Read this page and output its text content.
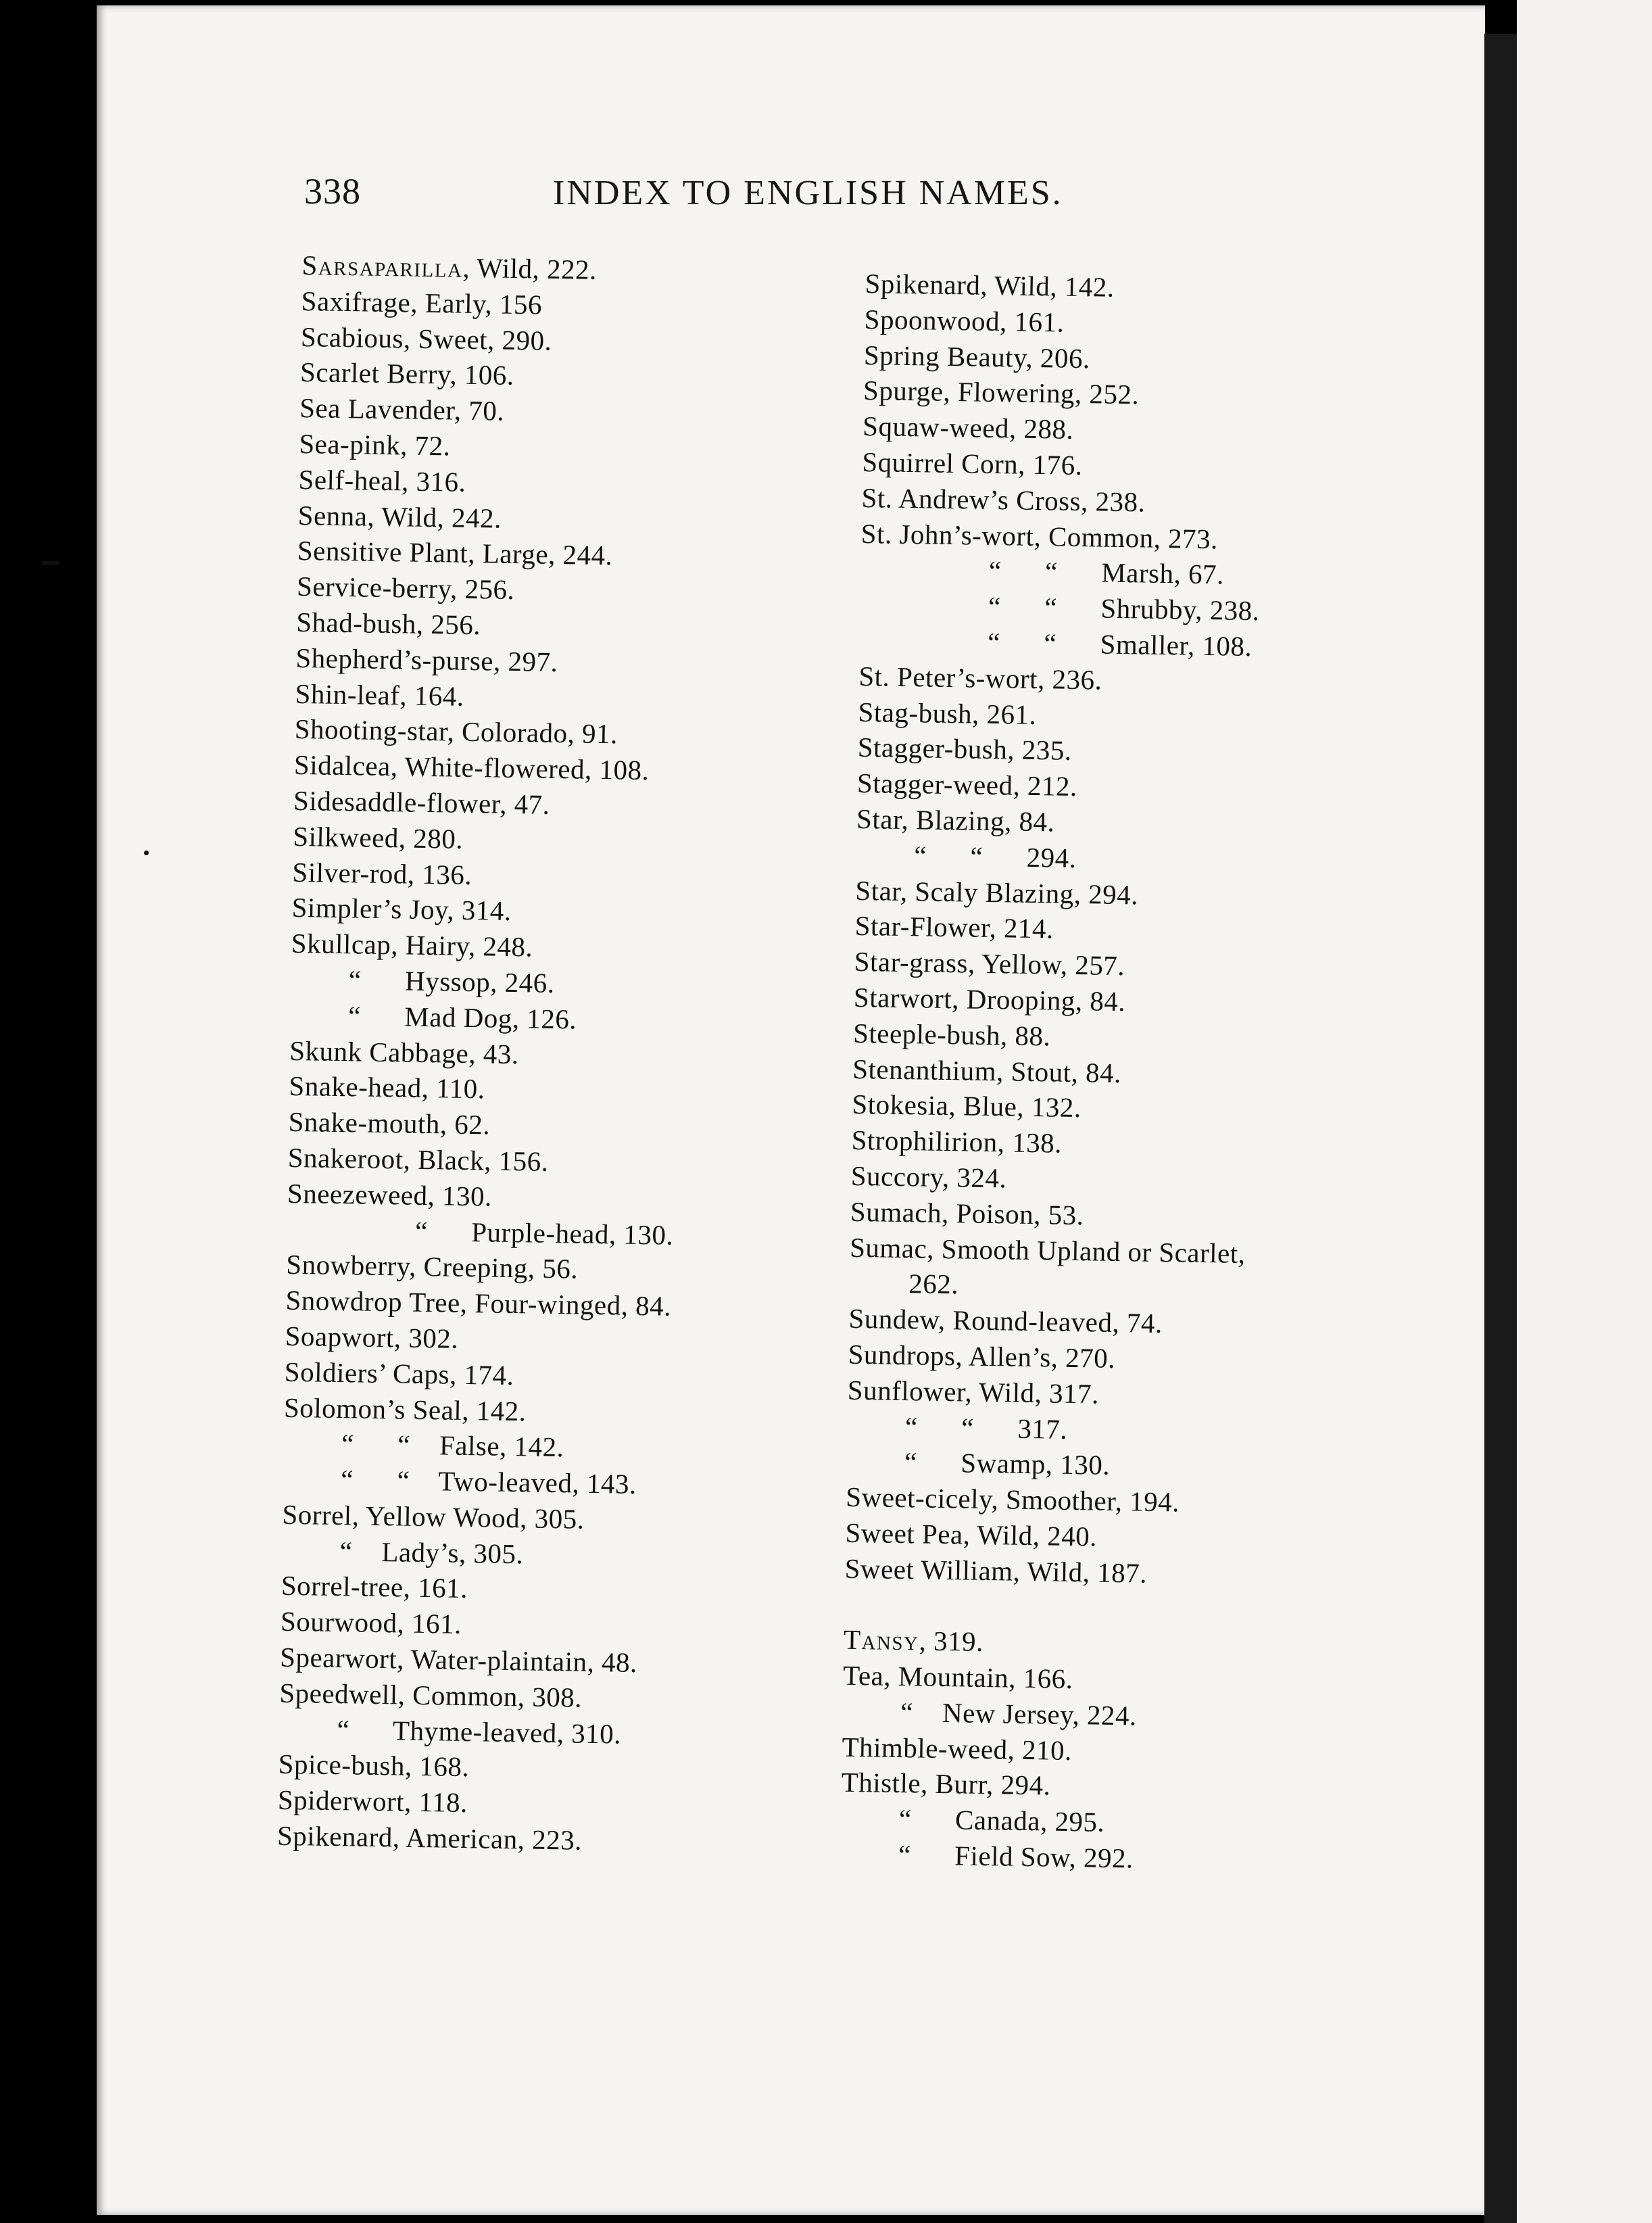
338	INDEX TO ENGLISH NAMES.
Sarsaparilla, Wild, 222.
Saxifrage, Early, 156
Scabious, Sweet, 290.
Scarlet Berry, 106.
Sea Lavender, 70.
Sea-pink, 72.
Self-heal, 316.
Senna, Wild, 242.
Sensitive Plant, Large, 244.
Service-berry, 256.
Shad-bush, 256.
Shepherd’s-purse, 297.
Shin-leaf, 164.
Shooting-star, Colorado, 91.
Sidalcea, White-flowered, 108.
Sidesaddle-flower, 47.
Silkweed, 280.
Silver-rod, 136.
Simpler’s Joy, 314.
Skullcap, Hairy, 248.
“      Hyssop, 246.
“      Mad Dog, 126.
Skunk Cabbage, 43.
Snake-head, 110.
Snake-mouth, 62.
Snakeroot, Black, 156.
Sneezeweed, 130.
“      Purple-head, 130.
Snowberry, Creeping, 56.
Snowdrop Tree, Four-winged, 84.
Soapwort, 302.
Soldiers’ Caps, 174.
Solomon’s Seal, 142.
“      “    False, 142.
“      “    Two-leaved, 143.
Sorrel, Yellow Wood, 305.
“    Lady’s, 305.
Sorrel-tree, 161.
Sourwood, 161.
Spearwort, Water-plaintain, 48.
Speedwell, Common, 308.
“      Thyme-leaved, 310.
Spice-bush, 168.
Spiderwort, 118.
Spikenard, American, 223.
Spikenard, Wild, 142.
Spoonwood, 161.
Spring Beauty, 206.
Spurge, Flowering, 252.
Squaw-weed, 288.
Squirrel Corn, 176.
St. Andrew’s Cross, 238.
St. John’s-wort, Common, 273.
“      “      Marsh, 67.
“      “      Shrubby, 238.
“      “      Smaller, 108.
St. Peter’s-wort, 236.
Stag-bush, 261.
Stagger-bush, 235.
Stagger-weed, 212.
Star, Blazing, 84.
“      “      294.
Star, Scaly Blazing, 294.
Star-Flower, 214.
Star-grass, Yellow, 257.
Starwort, Drooping, 84.
Steeple-bush, 88.
Stenanthium, Stout, 84.
Stokesia, Blue, 132.
Strophilirion, 138.
Succory, 324.
Sumach, Poison, 53.
Sumac, Smooth Upland or Scarlet,
262.
Sundew, Round-leaved, 74.
Sundrops, Allen’s, 270.
Sunflower, Wild, 317.
“      “      317.
“      Swamp, 130.
Sweet-cicely, Smoother, 194.
Sweet Pea, Wild, 240.
Sweet William, Wild, 187.
Tansy, 319.
Tea, Mountain, 166.
“    New Jersey, 224.
Thimble-weed, 210.
Thistle, Burr, 294.
“      Canada, 295.
“      Field Sow, 292.
